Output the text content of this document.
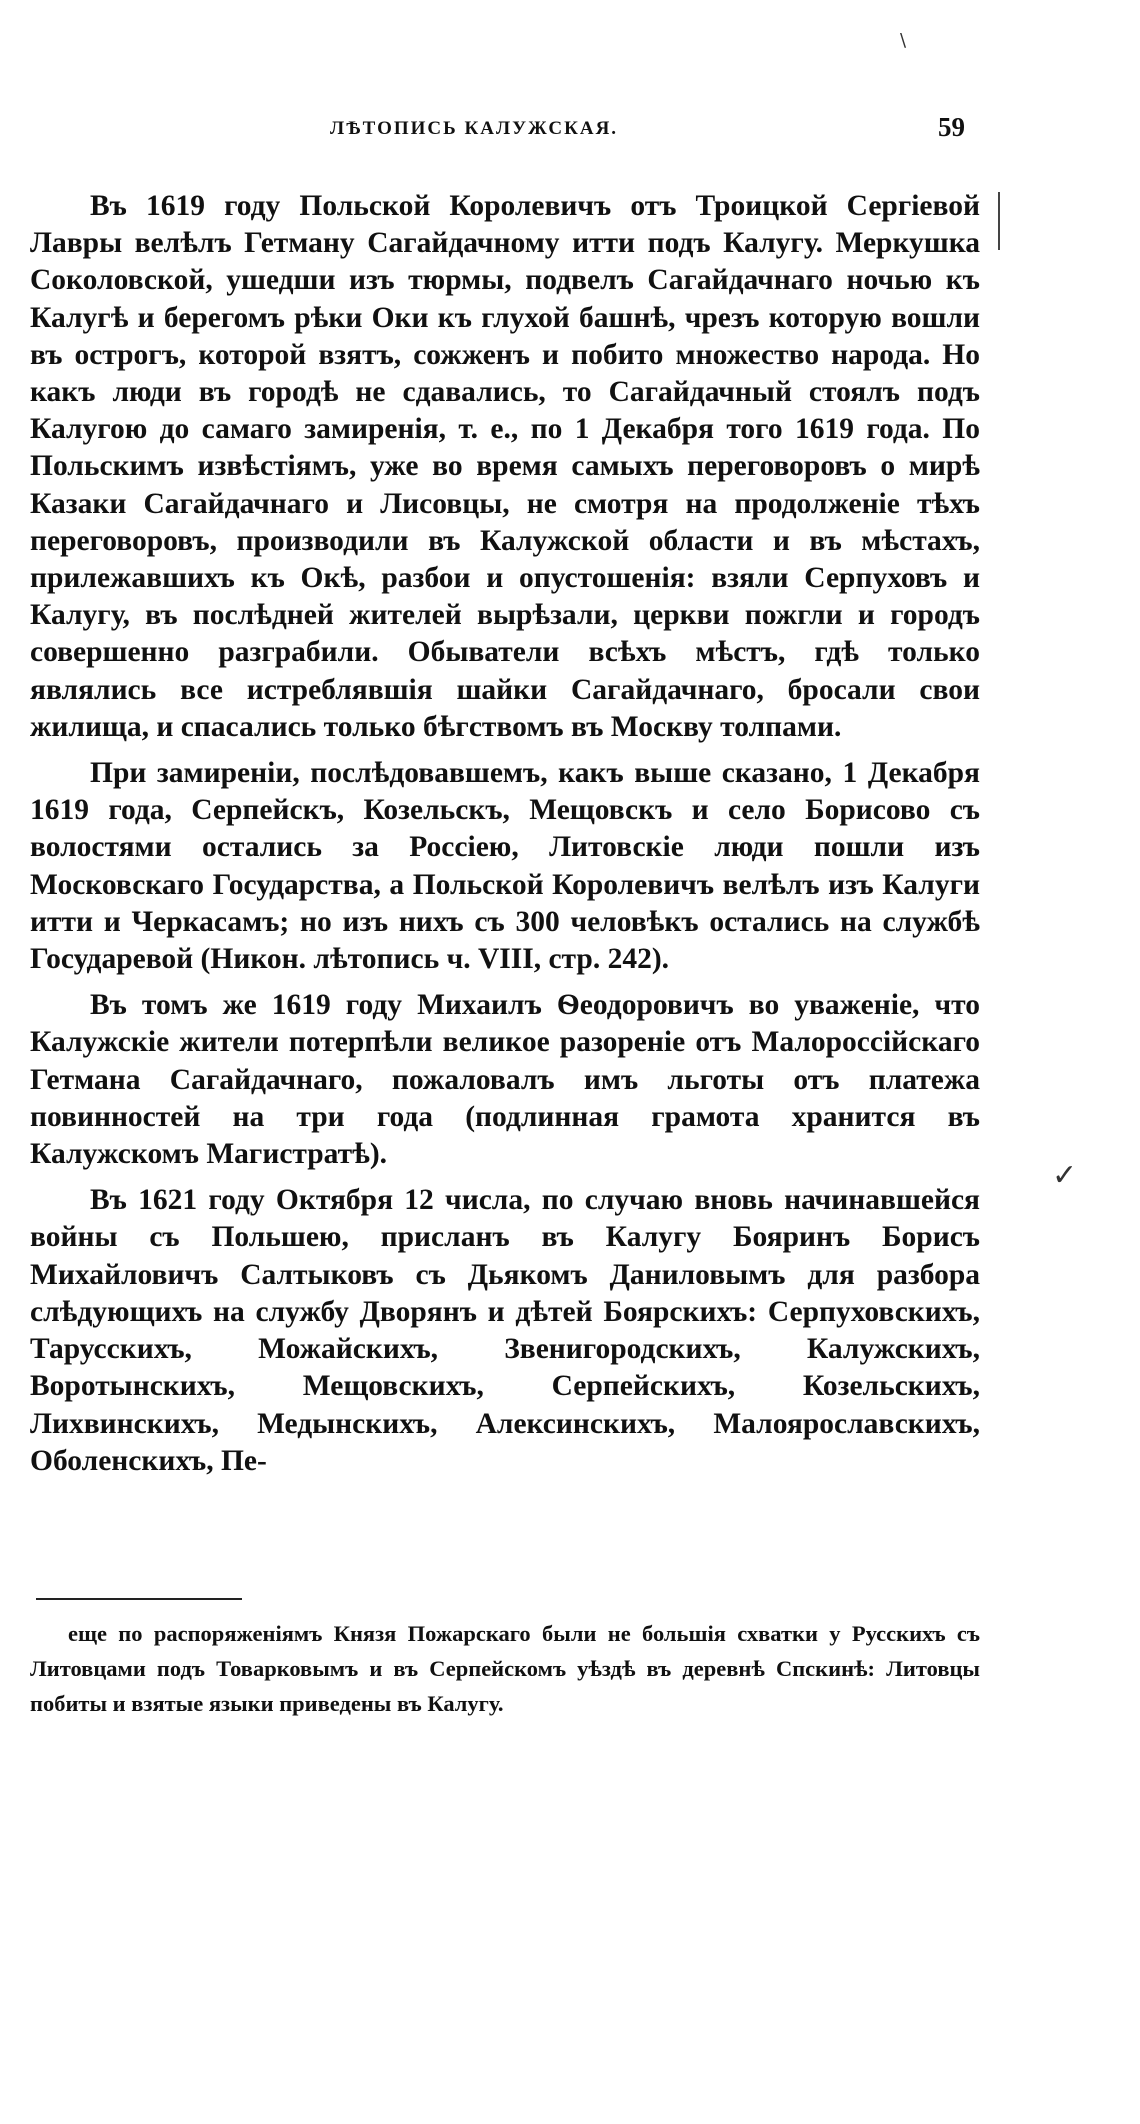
\
✓
ЛѢТОПИСЬ КАЛУЖСКАЯ.	59

Въ 1619 году Польской Королевичъ отъ Троицкой Сергіевой Лавры велѣлъ Гетману Сагайдачному итти подъ Калугу. Меркушка Соколовской, ушедши изъ тюрмы, подвелъ Сагайдачнаго ночью къ Калугѣ и берегомъ рѣки Оки къ глухой башнѣ, чрезъ которую вошли въ острогъ, которой взятъ, сожженъ и побито множество народа. Но какъ люди въ городѣ не сдавались, то Сагайдачный стоялъ подъ Калугою до самаго замиренія, т. е., по 1 Декабря того 1619 года. По Польскимъ извѣстіямъ, уже во время самыхъ переговоровъ о мирѣ Казаки Сагайдачнаго и Лисовцы, не смотря на продолженіе тѣхъ переговоровъ, производили въ Калужской области и въ мѣстахъ, прилежавшихъ къ Окѣ, разбои и опустошенія: взяли Серпуховъ и Калугу, въ послѣдней жителей вырѣзали, церкви пожгли и городъ совершенно разграбили. Обыватели всѣхъ мѣстъ, гдѣ только являлись все истреблявшія шайки Сагайдачнаго, бросали свои жилища, и спасались только бѣгствомъ въ Москву толпами.

При замиреніи, послѣдовавшемъ, какъ выше сказано, 1 Декабря 1619 года, Серпейскъ, Козельскъ, Мещовскъ и село Борисово съ волостями остались за Россіею, Литовскіе люди пошли изъ Московскаго Государства, а Польской Королевичъ велѣлъ изъ Калуги итти и Черкасамъ; но изъ нихъ съ 300 человѣкъ остались на службѣ Государевой (Никон. лѣтопись ч. VIII, стр. 242).

Въ томъ же 1619 году Михаилъ Ѳеодоровичъ во уваженіе, что Калужскіе жители потерпѣли великое разореніе отъ Малороссійскаго Гетмана Сагайдачнаго, пожаловалъ имъ льготы отъ платежа повинностей на три года (подлинная грамота хранится въ Калужскомъ Магистратѣ).

Въ 1621 году Октября 12 числа, по случаю вновь начинавшейся войны съ Польшею, присланъ въ Калугу Бояринъ Борисъ Михайловичъ Салтыковъ съ Дьякомъ Даниловымъ для разбора слѣдующихъ на службу Дворянъ и дѣтей Боярскихъ: Серпуховскихъ, Тарусскихъ, Можайскихъ, Звенигородскихъ, Калужскихъ, Воротынскихъ, Мещовскихъ, Серпейскихъ, Козельскихъ, Лихвинскихъ, Медынскихъ, Алексинскихъ, Малоярославскихъ, Оболенскихъ, Пе-

еще по распоряженіямъ Князя Пожарскаго были не большія схватки у Русскихъ съ Литовцами подъ Товарковымъ и въ Серпейскомъ уѣздѣ въ деревнѣ Спскинѣ: Литовцы побиты и взятые языки приведены въ Калугу.
